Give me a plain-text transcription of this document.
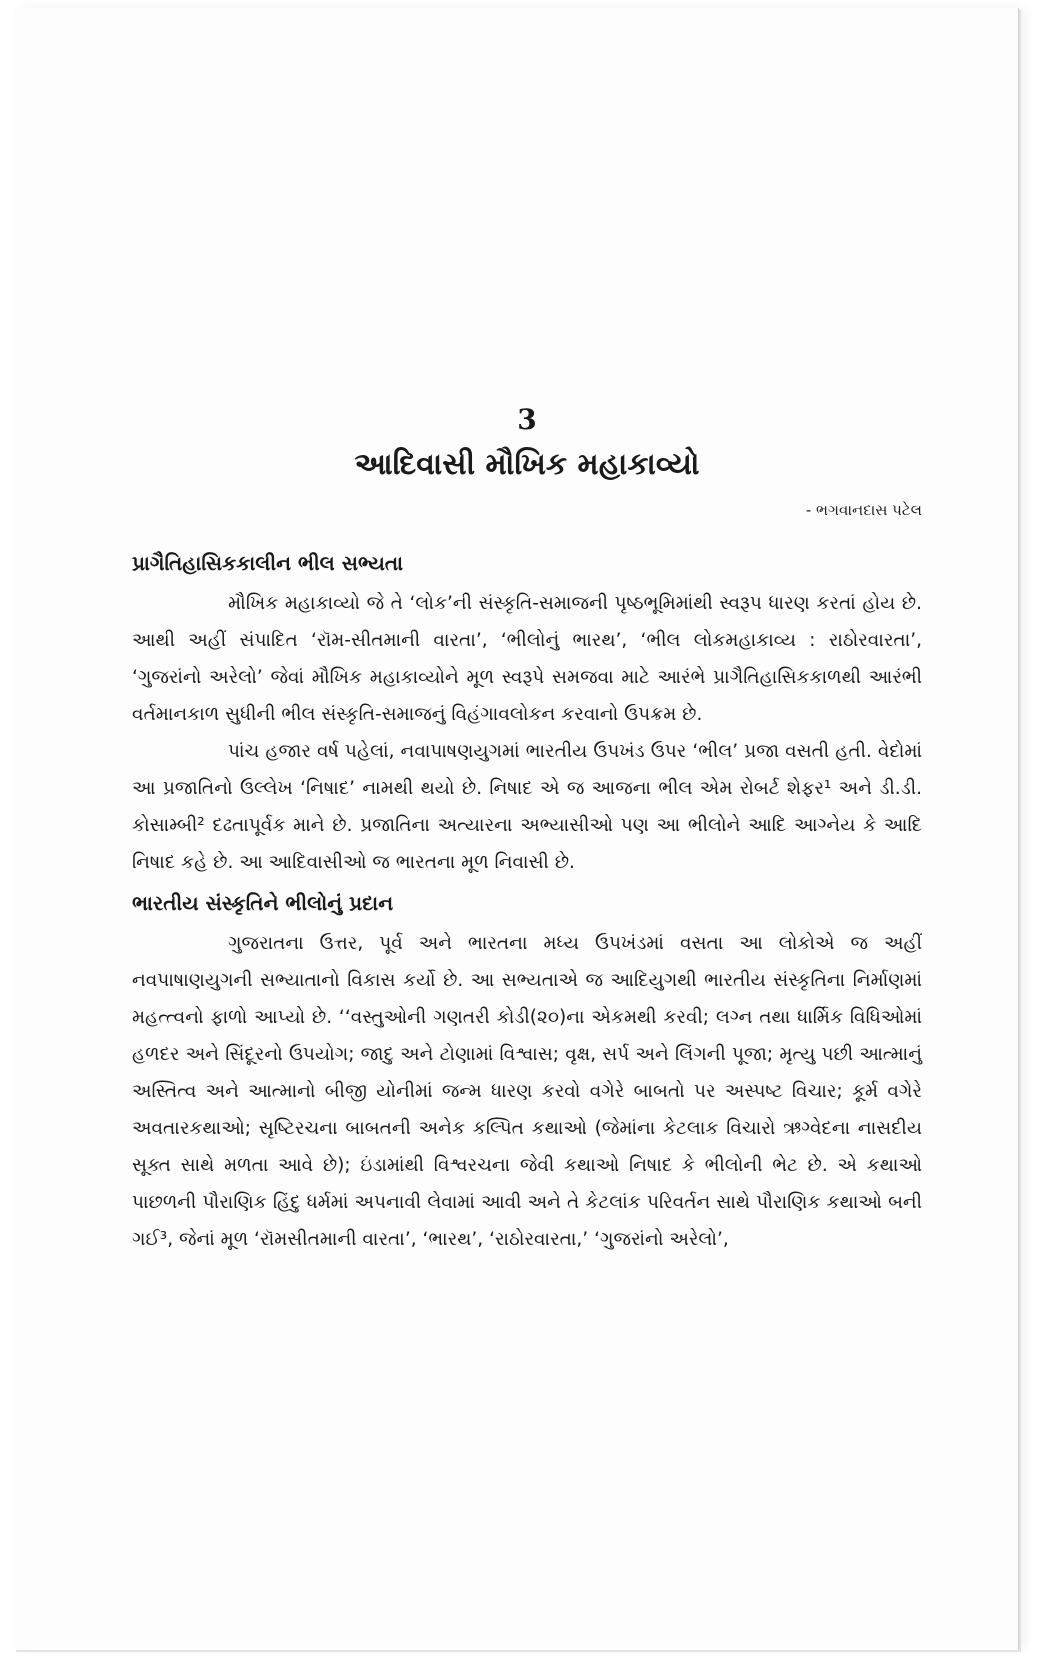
3

આદિવાસી મૌખિક મહાકાવ્યો

- ભગવાનદાસ પટેલ

પ્રાગૈતિહાસિકકાલીન ભીલ સભ્યતા

મૌખિક મહાકાવ્યો જે તે ‘લોક’ની સંસ્કૃતિ-સમાજની પૃષ્ઠભૂમિમાંથી સ્વરૂપ ધારણ કરતાં હોય છે. આથી અહીં સંપાદિત ‘રૉમ-સીતમાની વારતા’, ‘ભીલોનું ભારથ’, ‘ભીલ લોકમહાકાવ્ય : રાઠોરવારતા’, ‘ગુજરાંનો અરેલો’ જેવાં મૌખિક મહાકાવ્યોને મૂળ સ્વરૂપે સમજવા માટે આરંભે પ્રાગૈતિહાસિકકાળથી આરંભી વર્તમાનકાળ સુધીની ભીલ સંસ્કૃતિ-સમાજનું વિહંગાવલોકન કરવાનો ઉપક્રમ છે.

પાંચ હજાર વર્ષ પહેલાં, નવાપાષણયુગમાં ભારતીય ઉપખંડ ઉપર ‘ભીલ’ પ્રજા વસતી હતી. વેદોમાં આ પ્રજાતિનો ઉલ્લેખ ‘નિષાદ’ નામથી થયો છે. નિષાદ એ જ આજના ભીલ એમ રોબર્ટ શેફર¹ અને ડી.ડી. કોસામ્બી² દઢતાપૂર્વક માને છે. પ્રજાતિના અત્યારના અભ્યાસીઓ પણ આ ભીલોને આદિ આગ્નેય કે આદિ નિષાદ કહે છે. આ આદિવાસીઓ જ ભારતના મૂળ નિવાસી છે.

ભારતીય સંસ્કૃતિને ભીલોનું પ્રદાન

ગુજરાતના ઉત્તર, પૂર્વ અને ભારતના મધ્ય ઉપખંડમાં વસતા આ લોકોએ જ અહીં નવપાષાણયુગની સભ્યાતાનો વિકાસ કર્યો છે. આ સભ્યતાએ જ આદિયુગથી ભારતીય સંસ્કૃતિના નિર્માણમાં મહત્ત્વનો ફાળો આપ્યો છે. ‘‘વસ્તુઓની ગણતરી કોડી(૨૦)ના એકમથી કરવી; લગ્ન તથા ધાર્મિક વિધિઓમાં હળદર અને સિંદૂરનો ઉપયોગ; જાદુ અને ટોણામાં વિશ્વાસ; વૃક્ષ, સર્પ અને લિંગની પૂજા; મૃત્યુ પછી આત્માનું અસ્તિત્વ અને આત્માનો બીજી યોનીમાં જન્મ ધારણ કરવો વગેરે બાબતો પર અસ્પષ્ટ વિચાર; કૂર્મ વગેરે અવતારકથાઓ; સૃષ્ટિરચના બાબતની અનેક કલ્પિત કથાઓ (જેમાંના કેટલાક વિચારો ઋગ્વેદના નાસદીય સૂક્ત સાથે મળતા આવે છે); ઇંડામાંથી વિશ્વરચના જેવી કથાઓ નિષાદ કે ભીલોની ભેટ છે. એ કથાઓ પાછળની પૌરાણિક હિંદુ ધર્મમાં અપનાવી લેવામાં આવી અને તે કેટલાંક પરિવર્તન સાથે પૌરાણિક કથાઓ બની ગઈ³, જેનાં મૂળ ‘રૉમસીતમાની વારતા’, ‘ભારથ’, ‘રાઠોરવારતા,’ ‘ગુજરાંનો અરેલો’,
